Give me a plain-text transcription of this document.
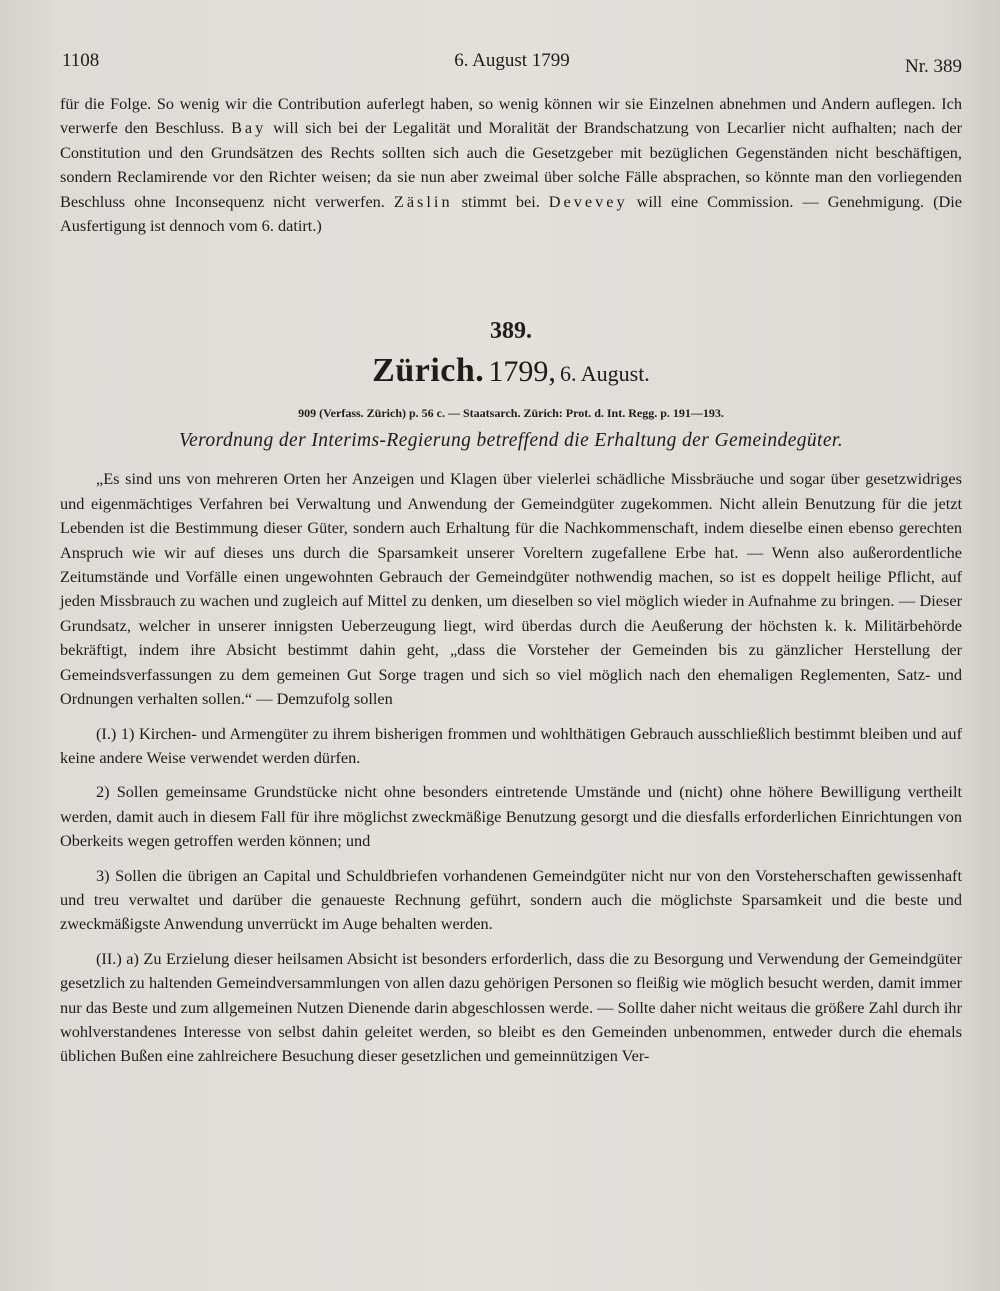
1108	6. August 1799	Nr. 389

für die Folge. So wenig wir die Contribution auferlegt haben, so wenig können wir sie Einzelnen abnehmen und Andern auflegen. Ich verwerfe den Beschluss. Bay will sich bei der Legalität und Moralität der Brandschatzung von Lecarlier nicht aufhalten; nach der Constitution und den Grundsätzen des Rechts sollten sich auch die Gesetzgeber mit bezüglichen Gegenständen nicht beschäftigen, sondern Reclamirende vor den Richter weisen; da sie nun aber zweimal über solche Fälle absprachen, so könnte man den vorliegenden Beschluss ohne Inconsequenz nicht verwerfen. Zäslin stimmt bei. Devevey will eine Commission. — Genehmigung. (Die Ausfertigung ist dennoch vom 6. datirt.)

389.
Zürich. 1799, 6. August.
909 (Verfass. Zürich) p. 56 c. — Staatsarch. Zürich: Prot. d. Int. Regg. p. 191—193.
Verordnung der Interims-Regierung betreffend die Erhaltung der Gemeindegüter.

„Es sind uns von mehreren Orten her Anzeigen und Klagen über vielerlei schädliche Missbräuche und sogar über gesetzwidriges und eigenmächtiges Verfahren bei Verwaltung und Anwendung der Gemeindgüter zugekommen. Nicht allein Benutzung für die jetzt Lebenden ist die Bestimmung dieser Güter, sondern auch Erhaltung für die Nachkommenschaft, indem dieselbe einen ebenso gerechten Anspruch wie wir auf dieses uns durch die Sparsamkeit unserer Voreltern zugefallene Erbe hat. — Wenn also außerordentliche Zeitumstände und Vorfälle einen ungewohnten Gebrauch der Gemeindgüter nothwendig machen, so ist es doppelt heilige Pflicht, auf jeden Missbrauch zu wachen und zugleich auf Mittel zu denken, um dieselben so viel möglich wieder in Aufnahme zu bringen. — Dieser Grundsatz, welcher in unserer innigsten Ueberzeugung liegt, wird überdas durch die Aeußerung der höchsten k. k. Militärbehörde bekräftigt, indem ihre Absicht bestimmt dahin geht, „dass die Vorsteher der Gemeinden bis zu gänzlicher Herstellung der Gemeindsverfassungen zu dem gemeinen Gut Sorge tragen und sich so viel möglich nach den ehemaligen Reglementen, Satz- und Ordnungen verhalten sollen.“ — Demzufolg sollen

(I.) 1) Kirchen- und Armengüter zu ihrem bisherigen frommen und wohlthätigen Gebrauch ausschließlich bestimmt bleiben und auf keine andere Weise verwendet werden dürfen.

2) Sollen gemeinsame Grundstücke nicht ohne besonders eintretende Umstände und (nicht) ohne höhere Bewilligung vertheilt werden, damit auch in diesem Fall für ihre möglichst zweckmäßige Benutzung gesorgt und die diesfalls erforderlichen Einrichtungen von Oberkeits wegen getroffen werden können; und

3) Sollen die übrigen an Capital und Schuldbriefen vorhandenen Gemeindgüter nicht nur von den Vorsteherschaften gewissenhaft und treu verwaltet und darüber die genaueste Rechnung geführt, sondern auch die möglichste Sparsamkeit und die beste und zweckmäßigste Anwendung unverrückt im Auge behalten werden.

(II.) a) Zu Erzielung dieser heilsamen Absicht ist besonders erforderlich, dass die zu Besorgung und Verwendung der Gemeindgüter gesetzlich zu haltenden Gemeindversammlungen von allen dazu gehörigen Personen so fleißig wie möglich besucht werden, damit immer nur das Beste und zum allgemeinen Nutzen Dienende darin abgeschlossen werde. — Sollte daher nicht weitaus die größere Zahl durch ihr wohlverstandenes Interesse von selbst dahin geleitet werden, so bleibt es den Gemeinden unbenommen, entweder durch die ehemals üblichen Bußen eine zahlreichere Besuchung dieser gesetzlichen und gemeinnützigen Ver-
